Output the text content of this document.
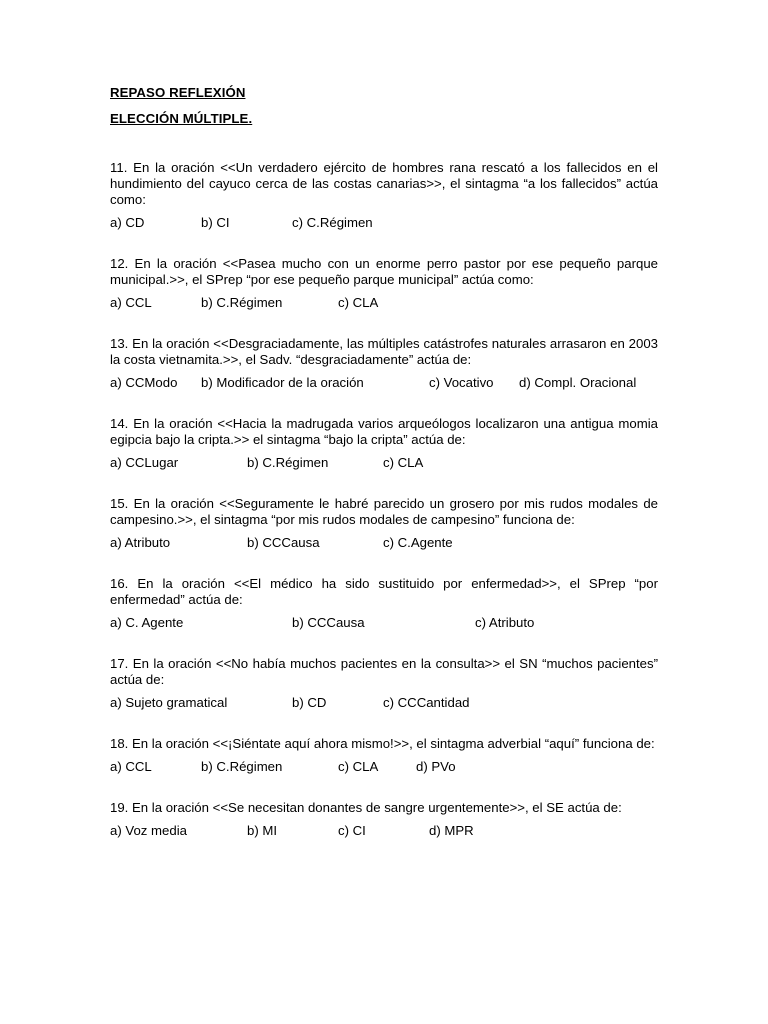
REPASO REFLEXIÓN

ELECCIÓN MÚLTIPLE.

11. En la oración <<Un verdadero ejército de hombres rana rescató a los fallecidos en el hundimiento del cayuco cerca de las costas canarias>>, el sintagma “a los fallecidos” actúa como:

a) CD	b) CI	c) C.Régimen

12. En la oración <<Pasea mucho con un enorme perro pastor por ese pequeño parque municipal.>>, el SPrep “por ese pequeño parque municipal” actúa como:

a) CCL	b) C.Régimen	c) CLA

13. En la oración <<Desgraciadamente, las múltiples catástrofes naturales arrasaron en 2003 la costa vietnamita.>>, el Sadv. “desgraciadamente” actúa de:

a) CCModo b) Modificador de la oración	c) Vocativo d) Compl. Oracional

14. En la oración <<Hacia la madrugada varios arqueólogos localizaron una antigua momia egipcia bajo la cripta.>> el sintagma “bajo la cripta” actúa de:

a) CCLugar	b) C.Régimen	c) CLA

15. En la oración <<Seguramente le habré parecido un grosero por mis rudos modales de campesino.>>, el sintagma “por mis rudos modales de campesino” funciona de:

a) Atributo	b) CCCausa	c) C.Agente

16. En la oración <<El médico ha sido sustituido por enfermedad>>, el SPrep “por enfermedad” actúa de:

a) C. Agente	b) CCCausa	c) Atributo

17. En la oración <<No había muchos pacientes en la consulta>> el SN “muchos pacientes” actúa de:

a) Sujeto gramatical	b) CD	c) CCCantidad

18. En la oración <<¡Siéntate aquí ahora mismo!>>, el sintagma adverbial “aquí” funciona de:

a) CCL	b) C.Régimen	c) CLA	d) PVo

19. En la oración <<Se necesitan donantes de sangre urgentemente>>, el SE actúa de:

a) Voz media	b) MI	c) CI	d) MPR
